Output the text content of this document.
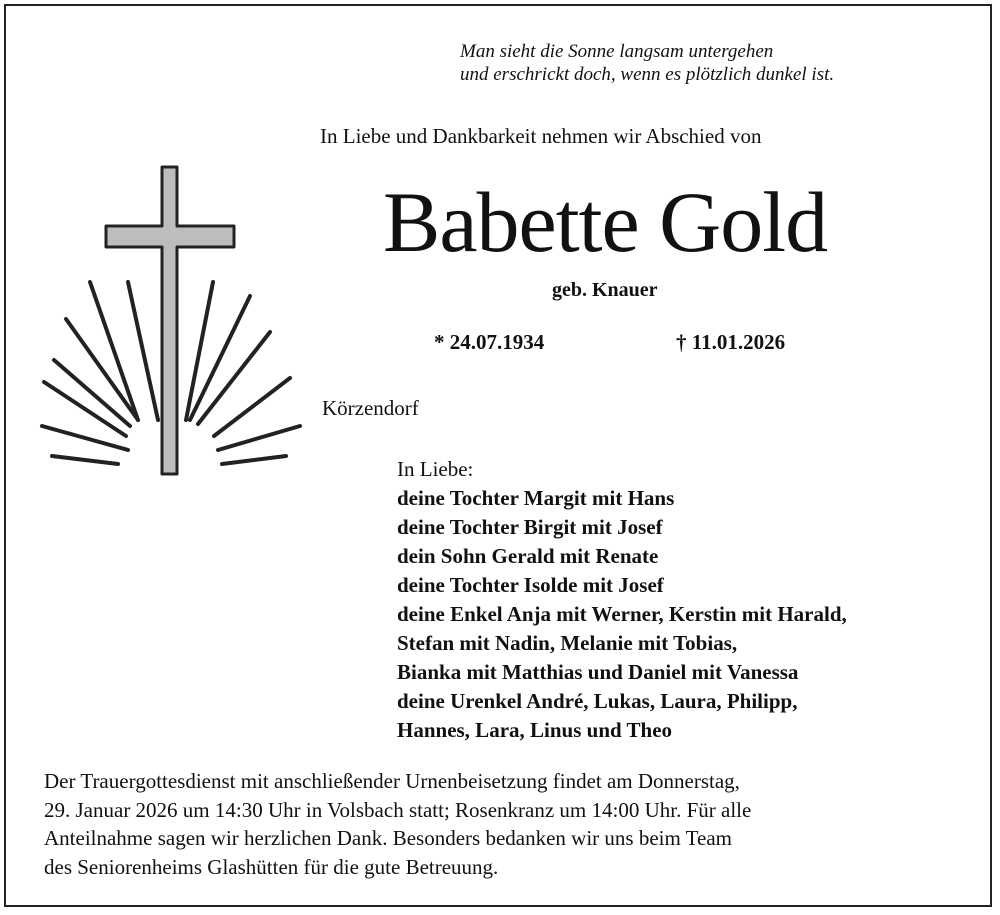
Man sieht die Sonne langsam untergehen
und erschrickt doch, wenn es plötzlich dunkel ist.
In Liebe und Dankbarkeit nehmen wir Abschied von
Babette Gold
geb. Knauer
* 24.07.1934	† 11.01.2026
Körzendorf
In Liebe:
deine Tochter Margit mit Hans
deine Tochter Birgit mit Josef
dein Sohn Gerald mit Renate
deine Tochter Isolde mit Josef
deine Enkel Anja mit Werner, Kerstin mit Harald,
Stefan mit Nadin, Melanie mit Tobias,
Bianka mit Matthias und Daniel mit Vanessa
deine Urenkel André, Lukas, Laura, Philipp,
Hannes, Lara, Linus und Theo
Der Trauergottesdienst mit anschließender Urnenbeisetzung findet am Donnerstag,
29. Januar 2026 um 14:30 Uhr in Volsbach statt; Rosenkranz um 14:00 Uhr. Für alle
Anteilnahme sagen wir herzlichen Dank. Besonders bedanken wir uns beim Team
des Seniorenheims Glashütten für die gute Betreuung.
